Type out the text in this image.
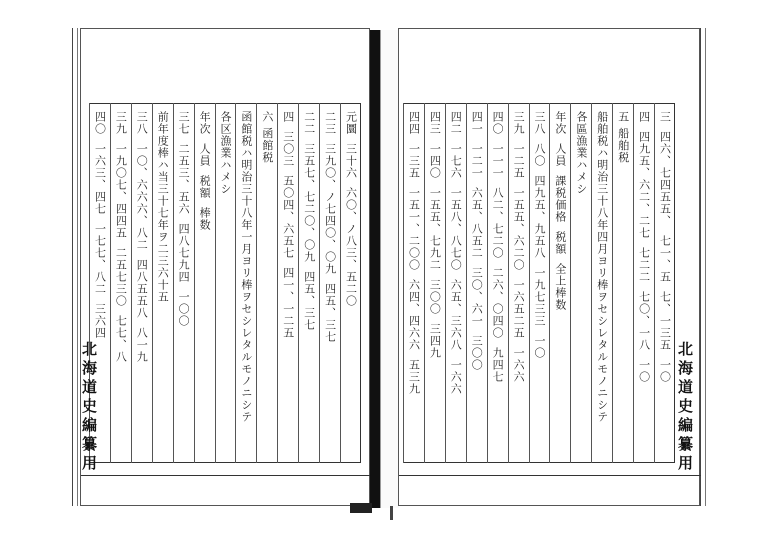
元圜
三十六
六〇、ノ八三、五二〇
二三
三九〇、ノ七四〇、〇九
四五、三七
二二
三五七、七二〇、〇九
四五、三七
四
三〇三
五〇四、六五七
四一、一二五
六 函館税
函館税ハ明治三十八年一月ヨリ棒ヲセシレタルモノニシテ
各区漁業ハメシ
年次
人員
税額
棒数
三七
二五三、五六
四八七九四
一〇〇
前年度棒ハ当三十七年ヲ二三六十五
三八
一〇、六六六、八二
四八五五八
八一九
三九
一九〇七、四四五
二五七三〇
七七、八
四〇
一六三、四七
一七七、八二
三六四
北海道史編纂用
三
四六、七四五五、
七一、五
七、一三五
一〇
四
四九五、六二、二七
七二二
七〇、一八
一〇
五 船舶税
船舶税ハ明治三十八年四月ヨリ棒ヲセシレタルモノニシテ
各區漁業ハメシ
年次
人員
課税価格
税額
全上棒数
三八
八〇
四九五、九五八
一九七三三
一〇
三九
一二五
一五五、六二〇
一六五二五
一六六
四〇
一一一
八二、七二〇
二六、〇四〇
九四七
四一
一二一
六五、八五二
三〇、六一
三〇〇
四二
一七六
一五八、八七〇
六五、三六八
一六六
四三
一四〇
一五五、七九二
三〇〇
三四九
四四
一三五
一五一、二〇〇
六四、四六六
五三九	北海道史編纂用
